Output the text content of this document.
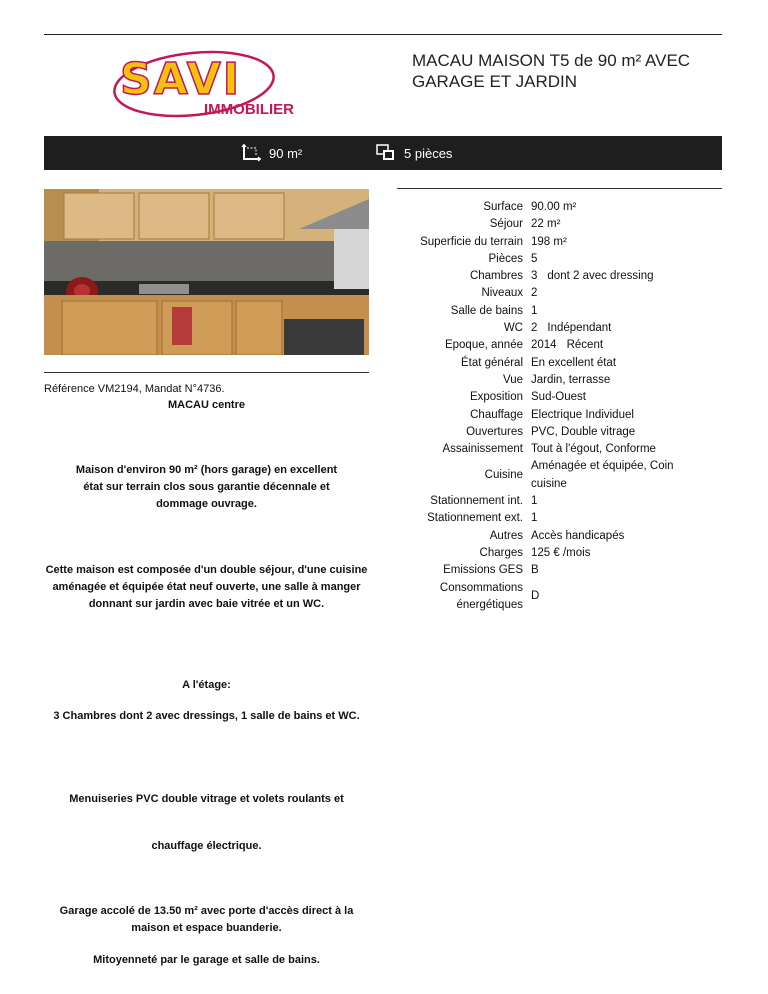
SAVI
IMMOBILIER
MACAU MAISON T5 de 90 m² AVEC GARAGE ET JARDIN
90 m²	5 pièces
Référence VM2194, Mandat N°4736.
MACAU centre
Maison d'environ 90 m² (hors garage) en excellent état sur terrain clos sous garantie décennale et dommage ouvrage.
Cette maison est composée d'un double séjour, d'une cuisine aménagée et équipée état neuf ouverte, une salle à manger donnant sur jardin avec baie vitrée et un WC.
A l'étage:
3 Chambres dont 2 avec dressings, 1 salle de bains et WC.
Menuiseries PVC double vitrage et volets roulants et
chauffage électrique.
Garage accolé de 13.50 m² avec porte d'accès direct à la maison et espace buanderie.
Mitoyenneté par le garage et salle de bains.
Surface	90.00 m²
Séjour	22 m²
Superficie du terrain	198 m²
Pièces	5
Chambres	3 dont 2 avec dressing
Niveaux	2
Salle de bains	1
WC	2 Indépendant
Epoque, année	2014 Récent
État général	En excellent état
Vue	Jardin, terrasse
Exposition	Sud-Ouest
Chauffage	Electrique Individuel
Ouvertures	PVC, Double vitrage
Assainissement	Tout à l'égout, Conforme
Cuisine	Aménagée et équipée, Coin cuisine
Stationnement int.	1
Stationnement ext.	1
Autres	Accès handicapés
Charges	125 € /mois
Emissions GES	B
Consommations énergétiques	D
